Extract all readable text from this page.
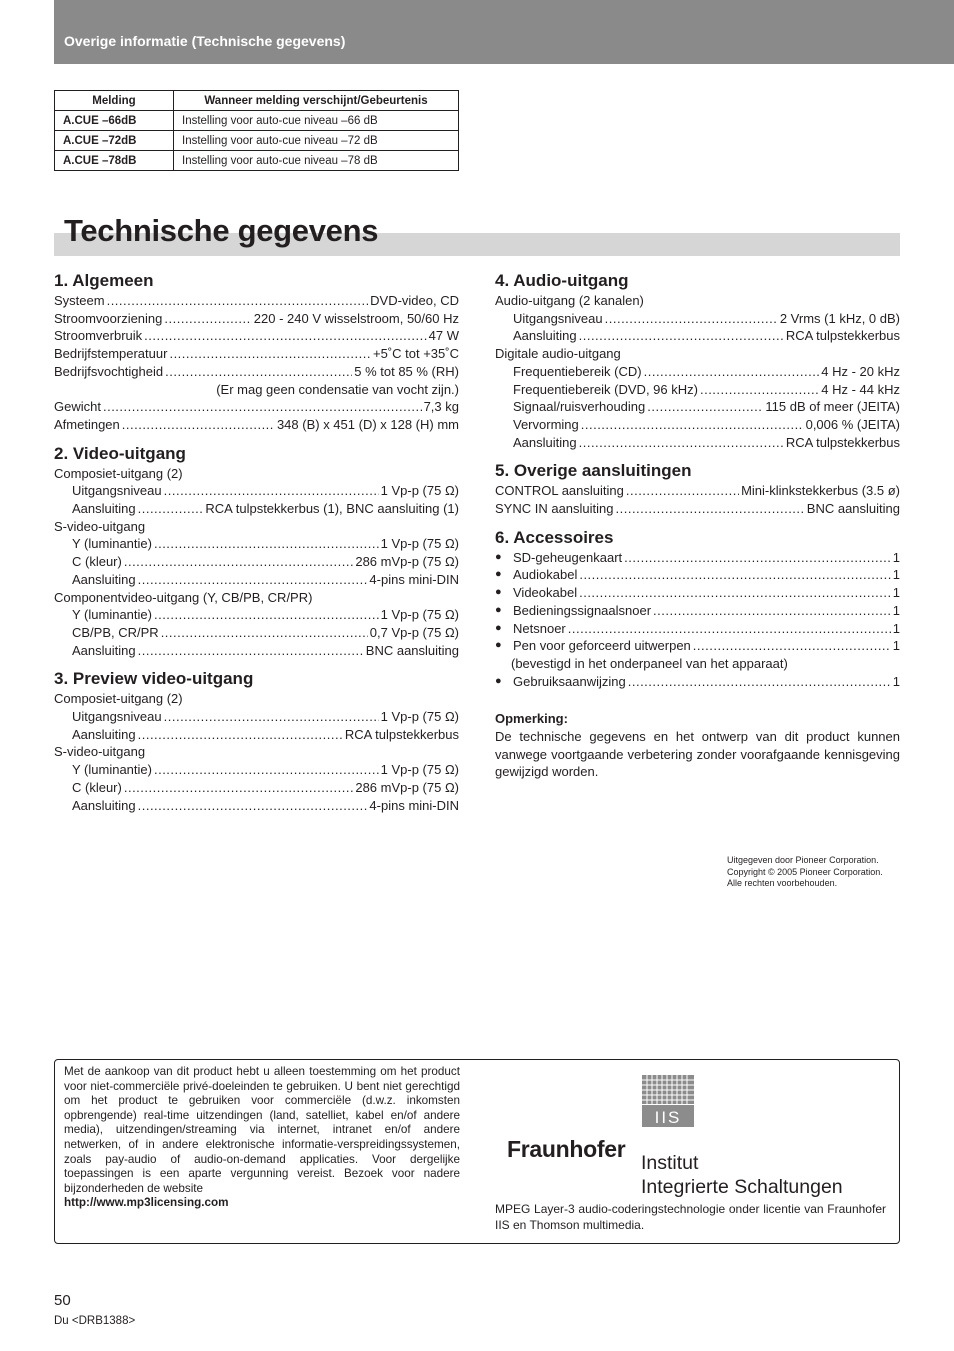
Overige informatie (Technische gegevens)
Melding	Wanneer melding verschijnt/Gebeurtenis
A.CUE –66dB	Instelling voor auto-cue niveau –66 dB
A.CUE –72dB	Instelling voor auto-cue niveau –72 dB
A.CUE –78dB	Instelling voor auto-cue niveau –78 dB
Technische gegevens
1. Algemeen
Systeem .....	DVD-video, CD
Stroomvoorziening .....	220 - 240 V wisselstroom, 50/60 Hz
Stroomverbruik .....	47 W
Bedrijfstemperatuur .....	+5˚C tot +35˚C
Bedrijfsvochtigheid .....	5 % tot 85 % (RH)
(Er mag geen condensatie van vocht zijn.)
Gewicht .....	7,3 kg
Afmetingen .....	348 (B) x 451 (D) x 128 (H) mm
2. Video-uitgang
Composiet-uitgang (2)
Uitgangsniveau .....	1 Vp-p (75 Ω)
Aansluiting .....	RCA tulpstekkerbus (1), BNC aansluiting (1)
S-video-uitgang
Y (luminantie) .....	1 Vp-p (75 Ω)
C (kleur) .....	286 mVp-p (75 Ω)
Aansluiting .....	4-pins mini-DIN
Componentvideo-uitgang (Y, CB/PB, CR/PR)
Y (luminantie) .....	1 Vp-p (75 Ω)
CB/PB, CR/PR .....	0,7 Vp-p (75 Ω)
Aansluiting .....	BNC aansluiting
3. Preview video-uitgang
Composiet-uitgang (2)
Uitgangsniveau .....	1 Vp-p (75 Ω)
Aansluiting .....	RCA tulpstekkerbus
S-video-uitgang
Y (luminantie) .....	1 Vp-p (75 Ω)
C (kleur) .....	286 mVp-p (75 Ω)
Aansluiting .....	4-pins mini-DIN
4. Audio-uitgang
Audio-uitgang (2 kanalen)
Uitgangsniveau .....	2 Vrms (1 kHz, 0 dB)
Aansluiting .....	RCA tulpstekkerbus
Digitale audio-uitgang
Frequentiebereik (CD) .....	4 Hz - 20 kHz
Frequentiebereik (DVD, 96 kHz) .....	4 Hz - 44 kHz
Signaal/ruisverhouding .....	115 dB of meer (JEITA)
Vervorming .....	0,006 % (JEITA)
Aansluiting .....	RCA tulpstekkerbus
5. Overige aansluitingen
CONTROL aansluiting .....	Mini-klinkstekkerbus (3.5 ø)
SYNC IN aansluiting .....	BNC aansluiting
6. Accessoires
● SD-geheugenkaart .....	1
● Audiokabel .....	1
● Videokabel .....	1
● Bedieningssignaalsnoer .....	1
● Netsnoer .....	1
● Pen voor geforceerd uitwerpen .....	1
(bevestigd in het onderpaneel van het apparaat)
● Gebruiksaanwijzing .....	1
Opmerking:
De technische gegevens en het ontwerp van dit product kunnen vanwege voortgaande verbetering zonder voorafgaande kennisgeving gewijzigd worden.
Uitgegeven door Pioneer Corporation.
Copyright © 2005 Pioneer Corporation.
Alle rechten voorbehouden.
Met de aankoop van dit product hebt u alleen toestemming om het product voor niet-commerciële privé-doeleinden te gebruiken. U bent niet gerechtigd om het product te gebruiken voor commerciële (d.w.z. inkomsten opbrengende) real-time uitzendingen (land, satelliet, kabel en/of andere media), uitzendingen/streaming via internet, intranet en/of andere netwerken, of in andere elektronische informatie-verspreidingssystemen, zoals pay-audio of audio-on-demand applicaties. Voor dergelijke toepassingen is een aparte vergunning vereist. Bezoek voor nadere bijzonderheden de website
http://www.mp3licensing.com
IIS
Fraunhofer
Institut
Integrierte Schaltungen
MPEG Layer-3 audio-coderingstechnologie onder licentie van Fraunhofer IIS en Thomson multimedia.
50
Du <DRB1388>
